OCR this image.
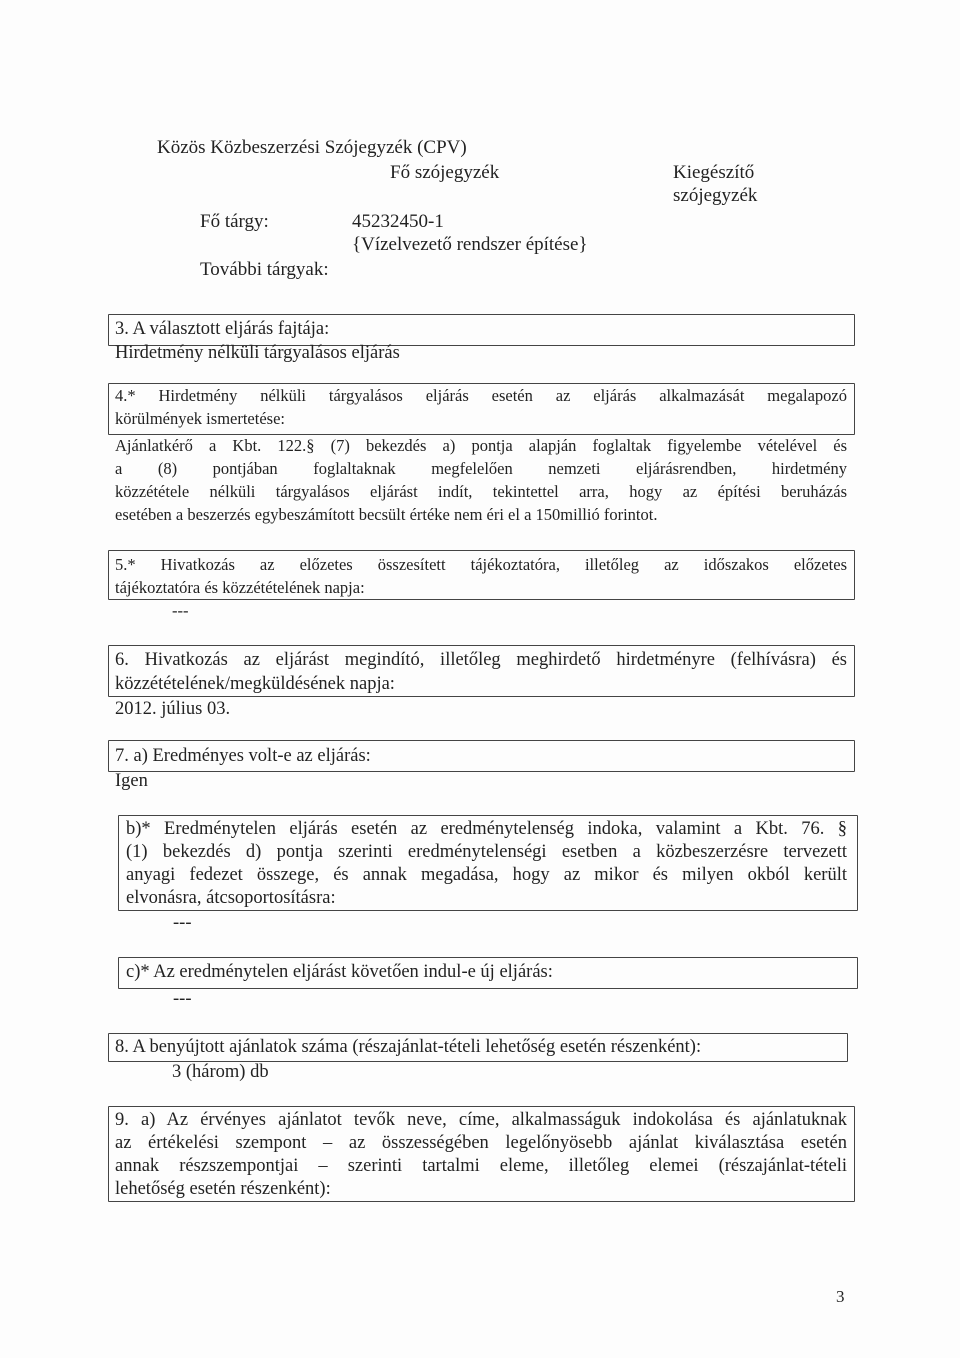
Közös Közbeszerzési Szójegyzék (CPV)
Fő szójegyzék	Kiegészítő
szójegyzék
Fő tárgy:	45232450-1
{Vízelvezető rendszer építése}
További tárgyak:
3. A választott eljárás fajtája:
Hirdetmény nélküli tárgyalásos eljárás
4.* Hirdetmény nélküli tárgyalásos eljárás esetén az eljárás alkalmazását megalapozó
körülmények ismertetése:
Ajánlatkérő a Kbt. 122.§ (7) bekezdés a) pontja alapján foglaltak figyelembe vételével és
a (8) pontjában foglaltaknak megfelelően nemzeti eljárásrendben, hirdetmény
közzététele nélküli tárgyalásos eljárást indít, tekintettel arra, hogy az építési beruházás
esetében a beszerzés egybeszámított becsült értéke nem éri el a 150millió forintot.
5.* Hivatkozás az előzetes összesített tájékoztatóra, illetőleg az időszakos előzetes
tájékoztatóra és közzétételének napja:
---
6. Hivatkozás az eljárást megindító, illetőleg meghirdető hirdetményre (felhívásra) és
közzétételének/megküldésének napja:
2012. július 03.
7. a) Eredményes volt-e az eljárás:
Igen
b)* Eredménytelen eljárás esetén az eredménytelenség indoka, valamint a Kbt. 76. §
(1) bekezdés d) pontja szerinti eredménytelenségi esetben a közbeszerzésre tervezett
anyagi fedezet összege, és annak megadása, hogy az mikor és milyen okból került
elvonásra, átcsoportosításra:
---
c)* Az eredménytelen eljárást követően indul-e új eljárás:
---
8. A benyújtott ajánlatok száma (részajánlat-tételi lehetőség esetén részenként):
3 (három) db
9. a) Az érvényes ajánlatot tevők neve, címe, alkalmasságuk indokolása és ajánlatuknak
az értékelési szempont – az összességében legelőnyösebb ajánlat kiválasztása esetén
annak részszempontjai – szerinti tartalmi eleme, illetőleg elemei (részajánlat-tételi
lehetőség esetén részenként):
3
